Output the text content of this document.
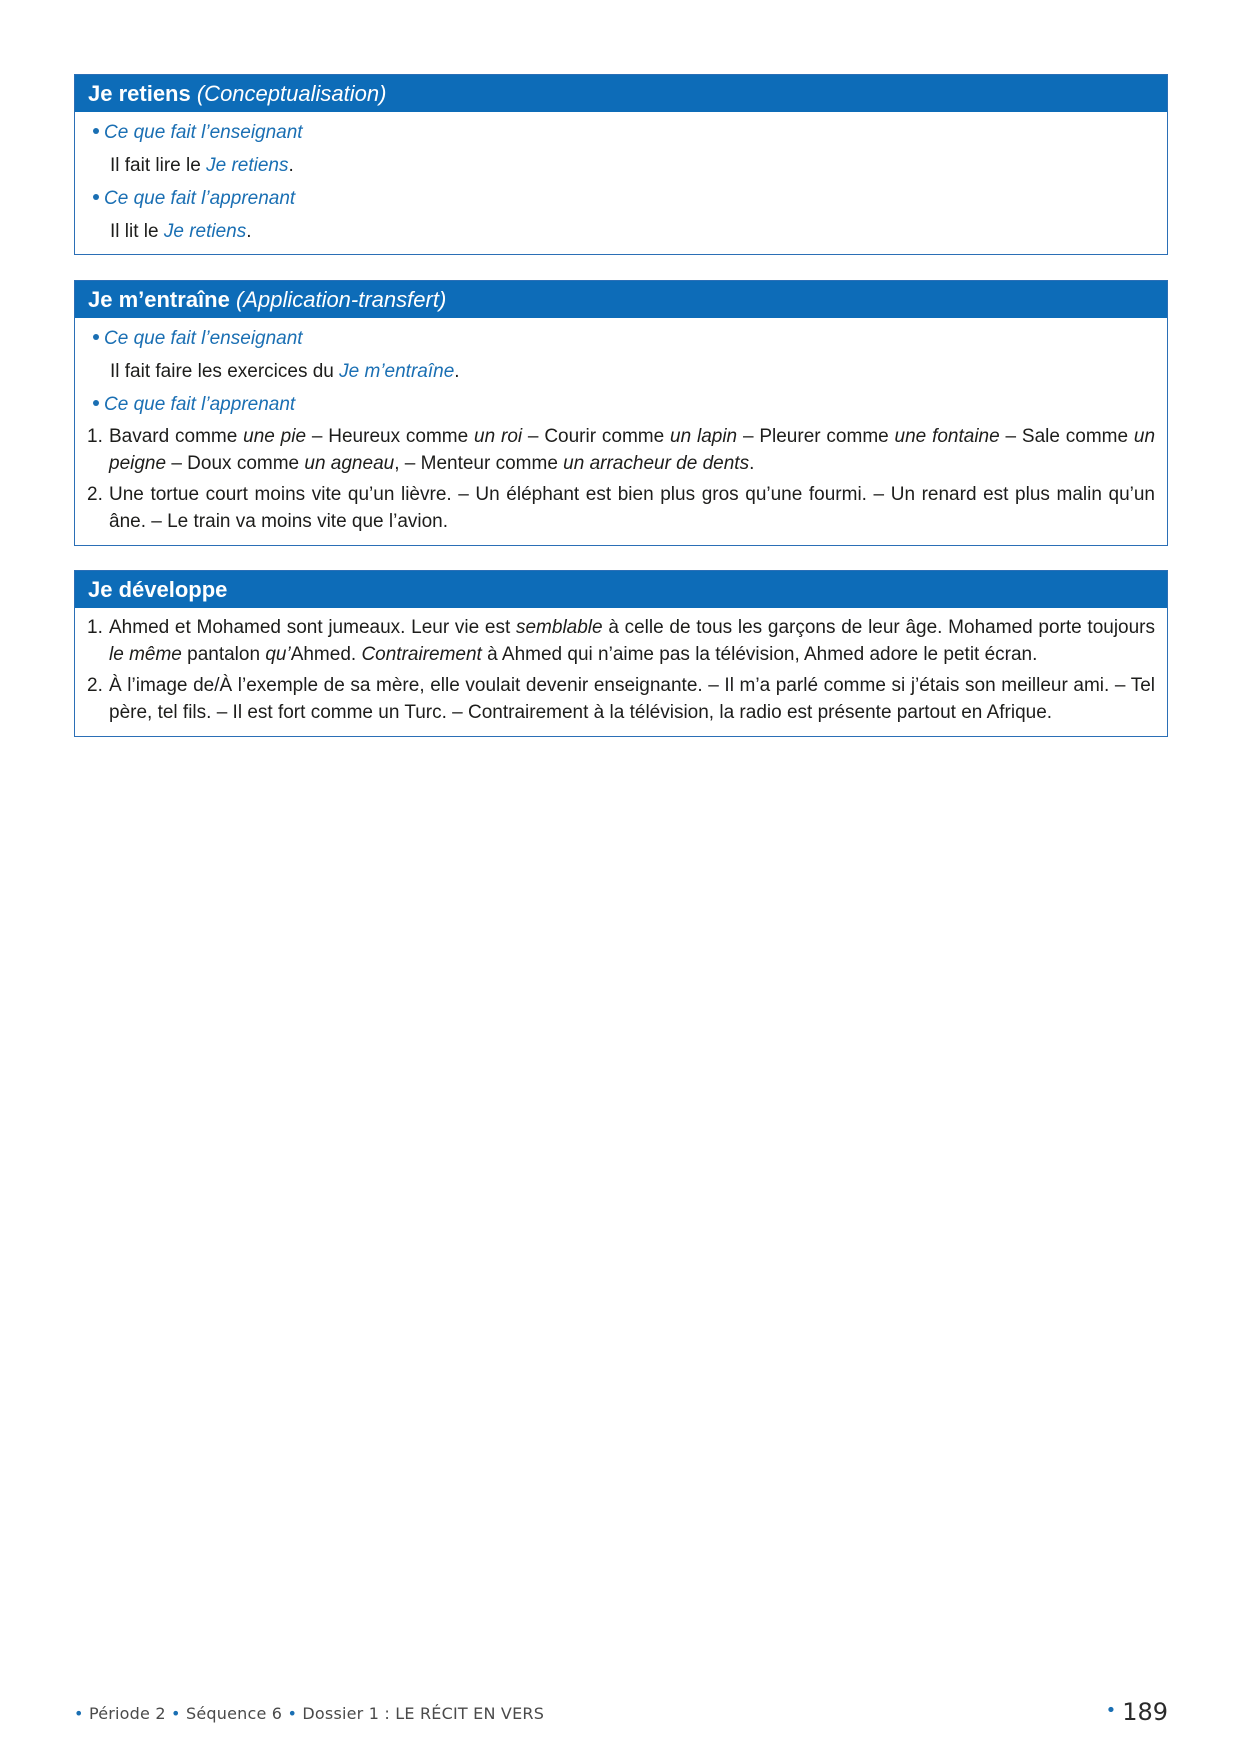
Je retiens (Conceptualisation)
Ce que fait l’enseignant
Il fait lire le Je retiens.
Ce que fait l’apprenant
Il lit le Je retiens.
Je m’entraîne (Application-transfert)
Ce que fait l’enseignant
Il fait faire les exercices du Je m’entraîne.
Ce que fait l’apprenant
1. Bavard comme une pie – Heureux comme un roi – Courir comme un lapin – Pleurer comme une fontaine – Sale comme un peigne – Doux comme un agneau, – Menteur comme un arracheur de dents.
2. Une tortue court moins vite qu’un lièvre. – Un éléphant est bien plus gros qu’une fourmi. – Un renard est plus malin qu’un âne. – Le train va moins vite que l’avion.
Je développe
1. Ahmed et Mohamed sont jumeaux. Leur vie est semblable à celle de tous les garçons de leur âge. Mohamed porte toujours le même pantalon qu’Ahmed. Contrairement à Ahmed qui n’aime pas la télévision, Ahmed adore le petit écran.
2. À l’image de/À l’exemple de sa mère, elle voulait devenir enseignante. – Il m’a parlé comme si j’étais son meilleur ami. – Tel père, tel fils. – Il est fort comme un Turc. – Contrairement à la télévision, la radio est présente partout en Afrique.
• Période 2 • Séquence 6 • Dossier 1 : LE RÉCIT EN VERS	• 189
